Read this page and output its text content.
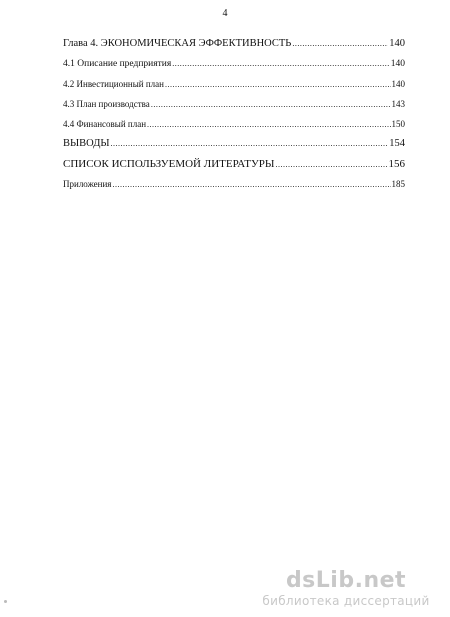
4
Глава 4. ЭКОНОМИЧЕСКАЯ ЭФФЕКТИВНОСТЬ .....	140
4.1 Описание предприятия .....	140
4.2 Инвестиционный план .....	140
4.3 План производства .....	143
4.4 Финансовый план .....	150
ВЫВОДЫ .....	154
СПИСОК ИСПОЛЬЗУЕМОЙ ЛИТЕРАТУРЫ .....	156
Приложения .....	185
dsLib.net
библиотека диссертаций
